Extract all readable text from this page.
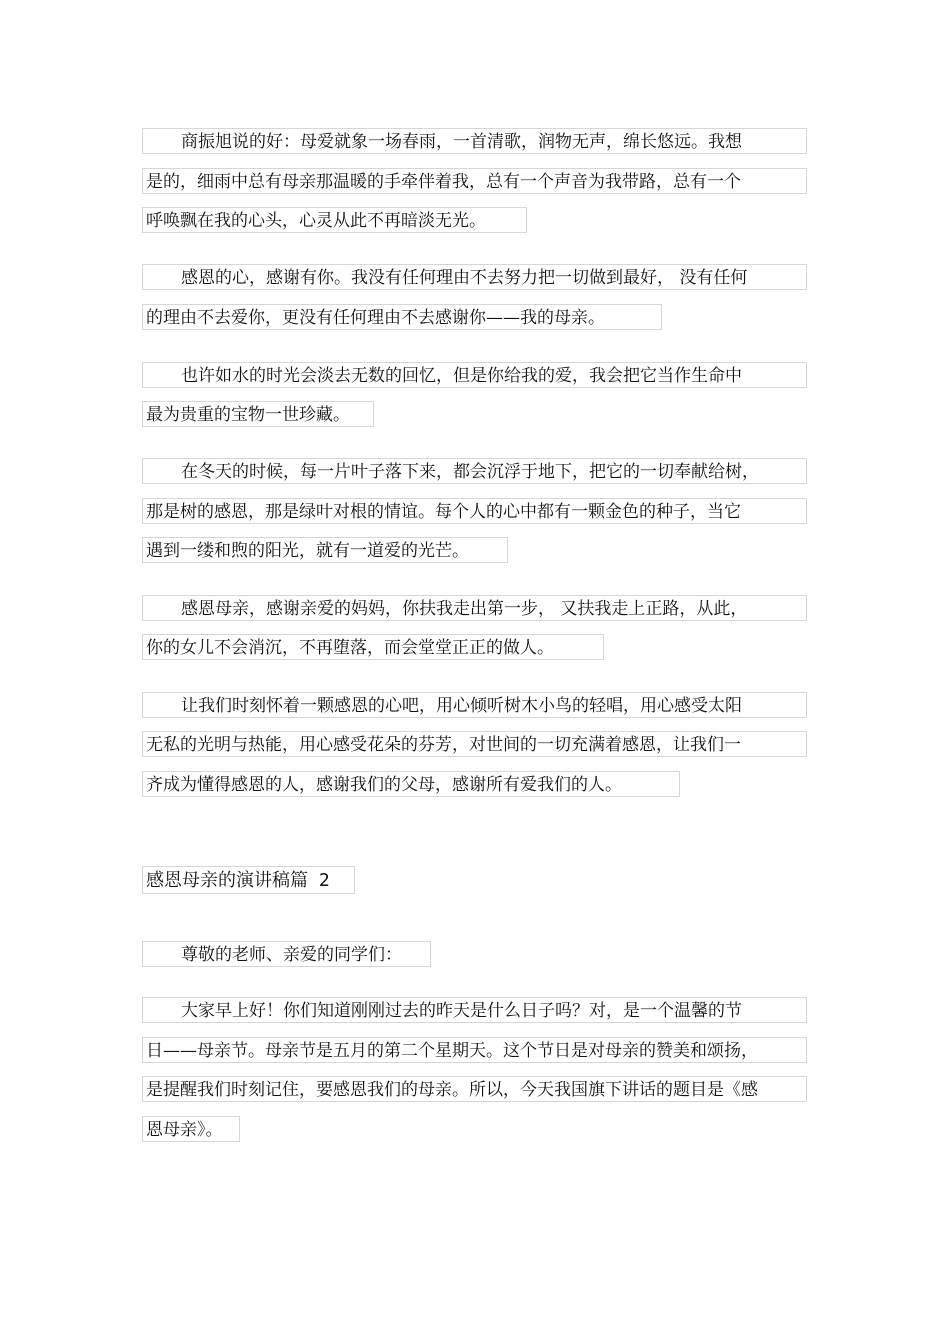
商振旭说的好：母爱就象一场春雨，一首清歌，润物无声，绵长悠远。我想
是的，细雨中总有母亲那温暖的手牵伴着我，总有一个声音为我带路，总有一个
呼唤飘在我的心头，心灵从此不再暗淡无光。
感恩的心，感谢有你。我没有任何理由不去努力把一切做到最好， 没有任何
的理由不去爱你，更没有任何理由不去感谢你——我的母亲。
也许如水的时光会淡去无数的回忆，但是你给我的爱，我会把它当作生命中
最为贵重的宝物一世珍藏。
在冬天的时候，每一片叶子落下来，都会沉浮于地下，把它的一切奉献给树，
那是树的感恩，那是绿叶对根的情谊。每个人的心中都有一颗金色的种子，当它
遇到一缕和煦的阳光，就有一道爱的光芒。
感恩母亲，感谢亲爱的妈妈，你扶我走出第一步， 又扶我走上正路，从此，
你的女儿不会消沉，不再堕落，而会堂堂正正的做人。
让我们时刻怀着一颗感恩的心吧，用心倾听树木小鸟的轻唱，用心感受太阳
无私的光明与热能，用心感受花朵的芬芳，对世间的一切充满着感恩，让我们一
齐成为懂得感恩的人，感谢我们的父母，感谢所有爱我们的人。
感恩母亲的演讲稿篇 2
尊敬的老师、亲爱的同学们：
大家早上好！你们知道刚刚过去的昨天是什么日子吗？对，是一个温馨的节
日——母亲节。母亲节是五月的第二个星期天。这个节日是对母亲的赞美和颂扬，
是提醒我们时刻记住，要感恩我们的母亲。所以，今天我国旗下讲话的题目是《感
恩母亲》。
